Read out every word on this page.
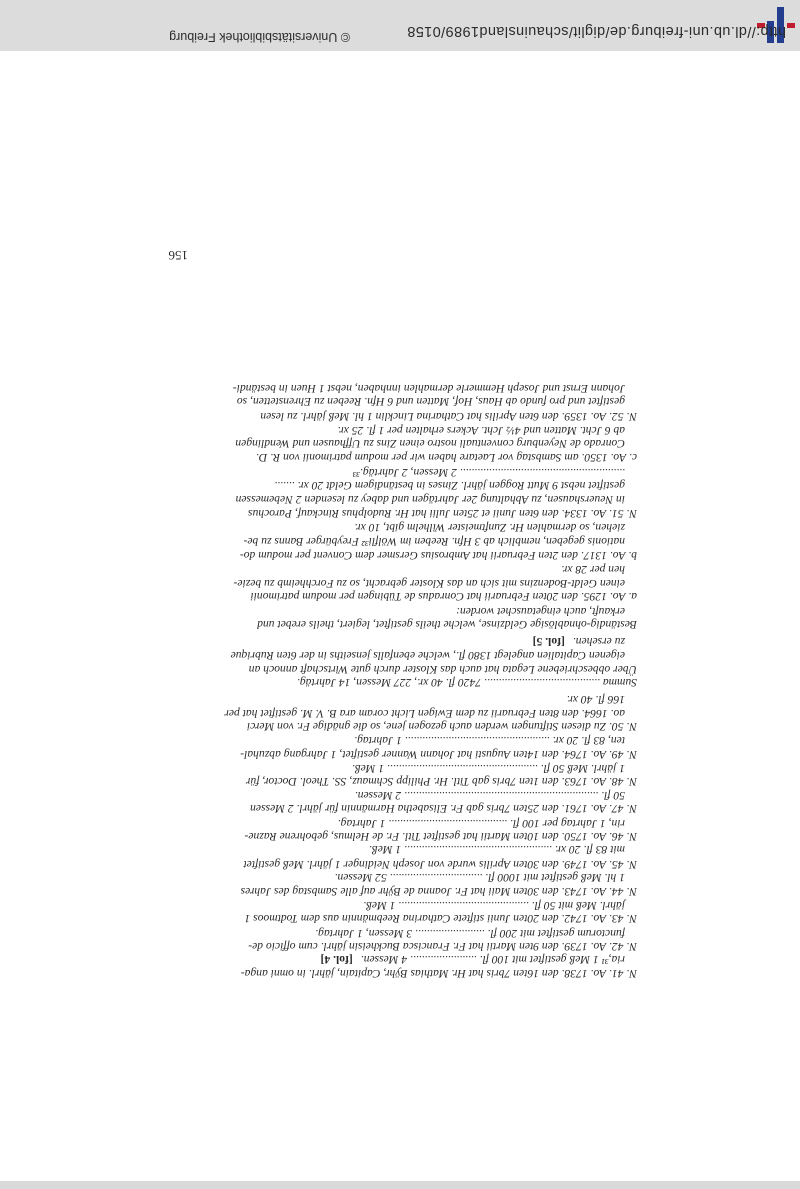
N. 41. Ao. 1738. den 16ten 7bris hat Hr. Mathias Bÿhr, Capitain, jährl. in omni anga-
ria,³¹ 1 Meß gestiftet mit 100 fl. ....................... 4 Messen.[fol. 4]
N. 42. Ao. 1739. den 9ten Martii hat Fr. Francisca Buckheisin jährl. cum officio de-
functorum gestiftet mit 200 fl. ........................ 3 Messen, 1 Jahrtag.
N. 43. Ao. 1742. den 20ten Junii stiftete Catharina Reebmännin aus dem Todtmoos 1
jährl. Meß mit 50 fl. ............................................. 1 Meß.
N. 44. Ao. 1743. den 30ten Maii hat Fr. Joanna de Bÿhr auf alle Sambstag des Jahres
1 hl. Meß gestiftet mit 1000 fl. ................................ 52 Messen.
N. 45. Ao. 1749. den 30ten Aprilis wurde von Joseph Neidinger 1 jährl. Meß gestiftet
mit 83 fl. 20 xr. ................................................... 1 Meß.
N. 46. Ao. 1750. den 10ten Martii hat gestiftet Titl. Fr. de Helmus, gebohrene Razne-
rin, 1 Jahrtag per 100 fl. ......................................... 1 Jahrtag.
N. 47. Ao. 1761. den 25ten 7bris gab Fr. Elisabetha Harmännin für jährl. 2 Messen
50 fl. ................................................................... 2 Messen.
N. 48. Ao. 1763. den 1ten 7bris gab Titl. Hr. Philipp Schmauz, SS. Theol. Doctor, für
1 jährl. Meß 50 fl. .................................................... 1 Meß.
N. 49. Ao. 1764. den 14ten Augusti hat Johann Wanner gestiftet, 1 Jahrgang abzuhal-
ten, 83 fl. 20 xr. .................................................. 1 Jahrtag.
N. 50. Zu diesen Stiftungen werden auch gezogen jene, so die gnädige Fr. von Merci
ao. 1664. den 8ten Februarii zu dem Ewigen Licht coram ara B. V. M. gestiftet hat per
166 fl. 40 xr.
Summa ........................................ 7420 fl. 40 xr., 227 Messen, 14 Jahrtäg.
Über obbeschriebene Legata hat auch das Kloster durch gute Wirtschaft annoch an
eigenen Capitalien angelegt 1380 fl., welche ebenfalls jenseiths in der 6ten Rubrique
zu ersehen.[fol. 5]
Beständig-ohnablösige Geldzinse, welche theils gestiftet, legiert, theils erebet und
erkauft, auch eingetauschet worden:
a. Ao. 1295. den 20ten Februarii hat Conradus de Tübingen per modum patrimonii
einen Geldt-Bodenzins mit sich an das Kloster gebracht, so zu Forchheimb zu bezie-
hen per 28 xr.
b. Ao. 1317. den 2ten Februarii hat Ambrosius Gersmer dem Convent per modum do-
nationis gegeben, nemblich ab 3 Hfn. Reeben im Wölfli³² Freybürger Banns zu be-
ziehen, so dermahlen Hr. Zunftmeister Wilhelm gibt, 10 xr.
N. 51. Ao. 1334. den 6ten Junii et 25ten Julii hat Hr. Rudolphus Rinckauf, Parochus
in Neuershausen, zu Abhaltung 2er Jahrtägen und dabey zu lesenden 2 Nebemessen
gestiftet nebst 9 Mutt Roggen jährl. Zinses in beständigem Geldt 20 xr. .......
......................................................... 2 Messen, 2 Jahrtäg.³³
c. Ao. 1350. am Sambstag vor Laetare haben wir per modum patrimonii von R. D.
Conrado de Neyenburg conventuali nostro einen Zins zu Uffhausen und Wendlingen
ab 6 Jcht. Matten und 4½ Jcht. Ackers erhalten per 1 fl. 25 xr.
N. 52. Ao. 1359. den 6ten Aprilis hat Catharina Lincklin 1 hl. Meß jährl. zu lesen
gestiftet und pro fundo ab Haus, Hof, Matten und 6 Hfn. Reeben zu Ehrenstetten, so
Johann Ernst und Joseph Hemmerle dermahlen innhaben, nebst 1 Huen in beständi-
156
http://dl.ub.uni-freiburg.de/diglit/schauinsland1989/0158
© Universitätsbibliothek Freiburg
